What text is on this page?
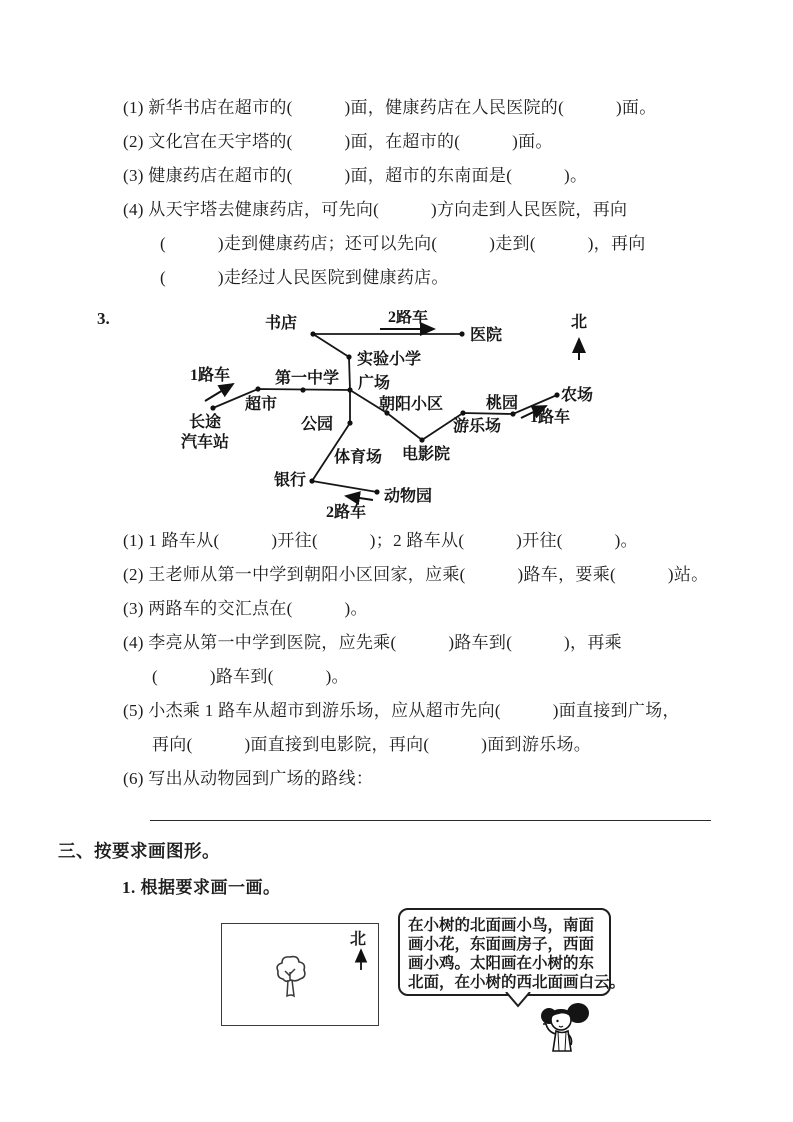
(1) 新华书店在超市的(　　　)面，健康药店在人民医院的(　　　)面。
(2) 文化宫在天宇塔的(　　　)面，在超市的(　　　)面。
(3) 健康药店在超市的(　　　)面，超市的东南面是(　　　)。
(4) 从天宇塔去健康药店，可先向(　　　)方向走到人民医院，再向
(　　　)走到健康药店；还可以先向(　　　)走到(　　　)，再向
(　　　)走经过人民医院到健康药店。
3.	书店	2路车
医院
实验小学
第一中学 广场
1路车
超市
长途
汽车站
公园
体育场
银行
动物园
2路车
朝阳小区
电影院
游乐场
桃园	农场
1路车
北
(1) 1 路车从(　　　)开往(　　　)；2 路车从(　　　)开往(　　　)。
(2) 王老师从第一中学到朝阳小区回家，应乘(　　　)路车，要乘(　　　)站。
(3) 两路车的交汇点在(　　　)。
(4) 李亮从第一中学到医院，应先乘(　　　)路车到(　　　)，再乘
(　　　)路车到(　　　)。
(5) 小杰乘 1 路车从超市到游乐场，应从超市先向(　　　)面直接到广场，
再向(　　　)面直接到电影院，再向(　　　)面到游乐场。
(6) 写出从动物园到广场的路线：
三、按要求画图形。
1. 根据要求画一画。
北
在小树的北面画小鸟，南面
画小花，东面画房子，西面
画小鸡。太阳画在小树的东
北面，在小树的西北面画白云。
